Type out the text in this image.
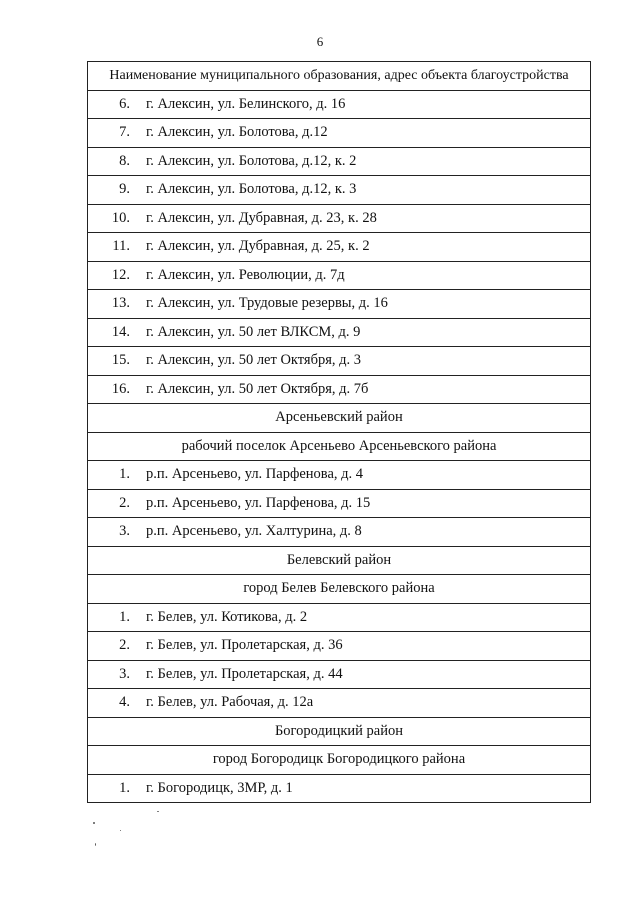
6
Наименование муниципального образования, адрес объекта благоустройства
6. г. Алексин, ул. Белинского, д. 16
7. г. Алексин, ул. Болотова, д.12
8. г. Алексин, ул. Болотова, д.12, к. 2
9. г. Алексин, ул. Болотова, д.12, к. 3
10. г. Алексин, ул. Дубравная, д. 23, к. 28
11. г. Алексин, ул. Дубравная, д. 25, к. 2
12. г. Алексин, ул. Революции, д. 7д
13. г. Алексин, ул. Трудовые резервы, д. 16
14. г. Алексин, ул. 50 лет ВЛКСМ, д. 9
15. г. Алексин, ул. 50 лет Октября, д. 3
16. г. Алексин, ул. 50 лет Октября, д. 7б
Арсеньевский район
рабочий поселок Арсеньево Арсеньевского района
1. р.п. Арсеньево, ул. Парфенова, д. 4
2. р.п. Арсеньево, ул. Парфенова, д. 15
3. р.п. Арсеньево, ул. Халтурина, д. 8
Белевский район
город Белев Белевского района
1. г. Белев, ул. Котикова, д. 2
2. г. Белев, ул. Пролетарская, д. 36
3. г. Белев, ул. Пролетарская, д. 44
4. г. Белев, ул. Рабочая, д. 12а
Богородицкий район
город Богородицк Богородицкого района
1. г. Богородицк, 3МР, д. 1
